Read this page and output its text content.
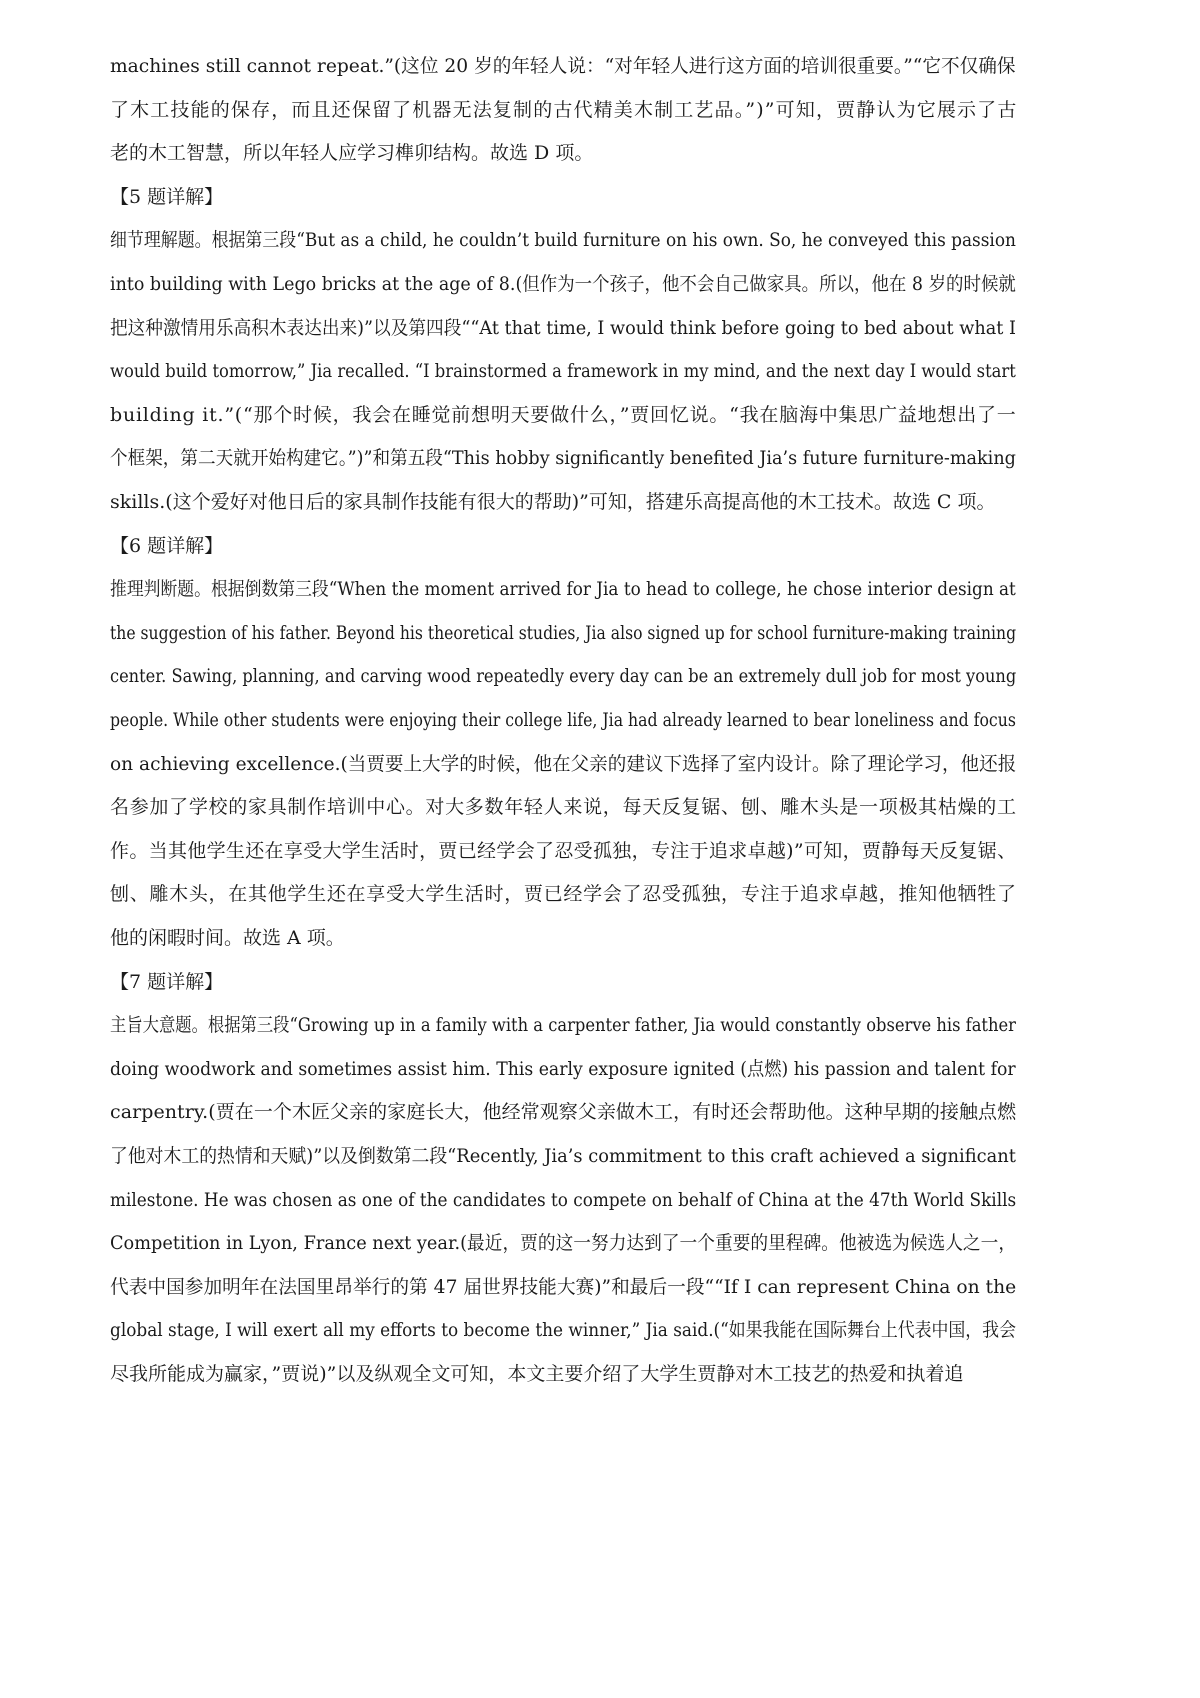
machines still cannot repeat.”(这位 20 岁的年轻人说：“对年轻人进行这方面的培训很重要。”“它不仅确保
了木工技能的保存，而且还保留了机器无法复制的古代精美木制工艺品。”)”可知，贾静认为它展示了古
老的木工智慧，所以年轻人应学习榫卯结构。故选 D 项。
【5 题详解】
细节理解题。根据第三段“But as a child, he couldn’t build furniture on his own. So, he conveyed this passion
into building with Lego bricks at the age of 8.(但作为一个孩子，他不会自己做家具。所以，他在 8 岁的时候就
把这种激情用乐高积木表达出来)”以及第四段““At that time, I would think before going to bed about what I
would build tomorrow,” Jia recalled. “I brainstormed a framework in my mind, and the next day I would start
building it.”(“那个时候，我会在睡觉前想明天要做什么，”贾回忆说。“我在脑海中集思广益地想出了一
个框架，第二天就开始构建它。”)”和第五段“This hobby significantly benefited Jia’s future furniture-making
skills.(这个爱好对他日后的家具制作技能有很大的帮助)”可知，搭建乐高提高他的木工技术。故选 C 项。
【6 题详解】
推理判断题。根据倒数第三段“When the moment arrived for Jia to head to college, he chose interior design at
the suggestion of his father. Beyond his theoretical studies, Jia also signed up for school furniture-making training
center. Sawing, planning, and carving wood repeatedly every day can be an extremely dull job for most young
people. While other students were enjoying their college life, Jia had already learned to bear loneliness and focus
on achieving excellence.(当贾要上大学的时候，他在父亲的建议下选择了室内设计。除了理论学习，他还报
名参加了学校的家具制作培训中心。对大多数年轻人来说，每天反复锯、刨、雕木头是一项极其枯燥的工
作。当其他学生还在享受大学生活时，贾已经学会了忍受孤独，专注于追求卓越)”可知，贾静每天反复锯、
刨、雕木头，在其他学生还在享受大学生活时，贾已经学会了忍受孤独，专注于追求卓越，推知他牺牲了
他的闲暇时间。故选 A 项。
【7 题详解】
主旨大意题。根据第三段“Growing up in a family with a carpenter father, Jia would constantly observe his father
doing woodwork and sometimes assist him. This early exposure ignited (点燃) his passion and talent for
carpentry.(贾在一个木匠父亲的家庭长大，他经常观察父亲做木工，有时还会帮助他。这种早期的接触点燃
了他对木工的热情和天赋)”以及倒数第二段“Recently, Jia’s commitment to this craft achieved a significant
milestone. He was chosen as one of the candidates to compete on behalf of China at the 47th World Skills
Competition in Lyon, France next year.(最近，贾的这一努力达到了一个重要的里程碑。他被选为候选人之一，
代表中国参加明年在法国里昂举行的第 47 届世界技能大赛)”和最后一段““If I can represent China on the
global stage, I will exert all my efforts to become the winner,” Jia said.(“如果我能在国际舞台上代表中国，我会
尽我所能成为赢家，”贾说)”以及纵观全文可知，本文主要介绍了大学生贾静对木工技艺的热爱和执着追
